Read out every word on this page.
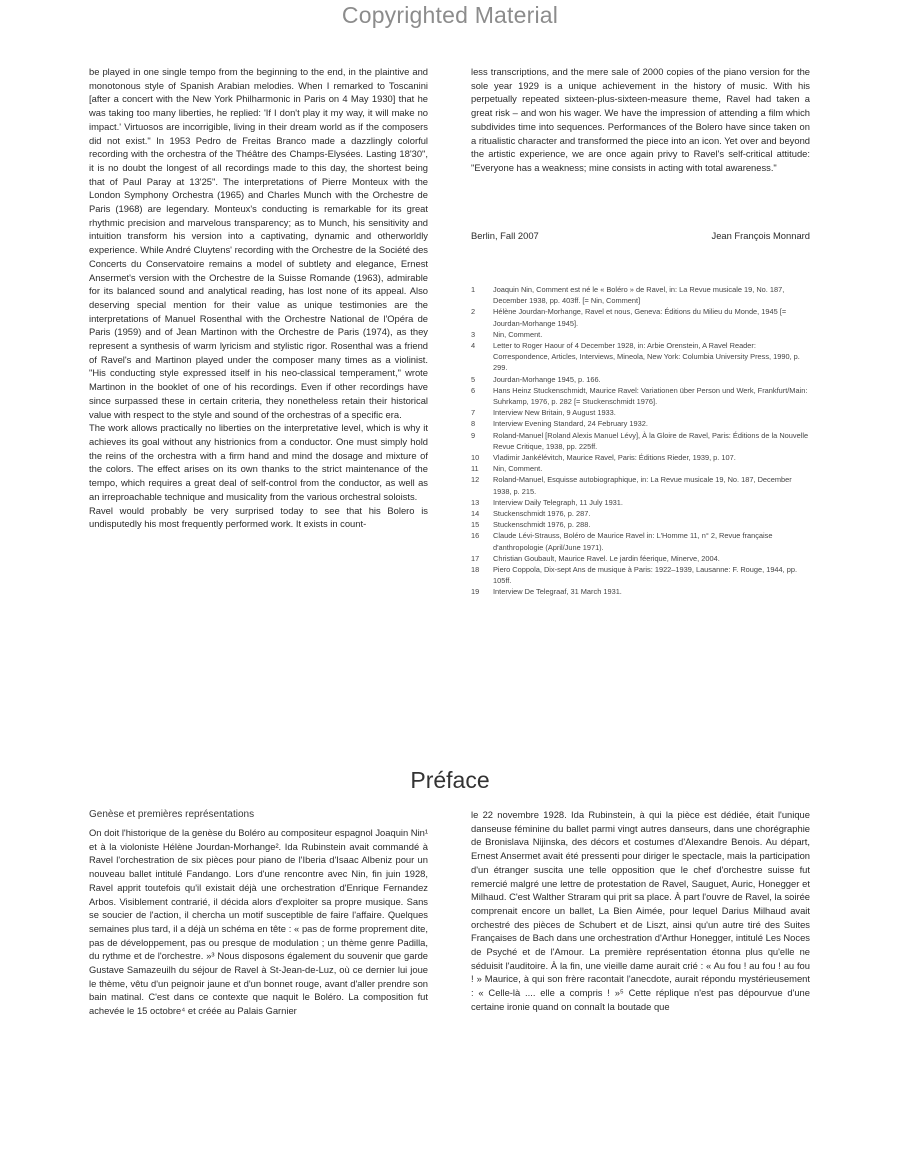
Copyrighted Material

be played in one single tempo from the beginning to the end, in the plaintive and monotonous style of Spanish Arabian melodies. When I remarked to Toscanini [after a concert with the New York Philharmonic in Paris on 4 May 1930] that he was taking too many liberties, he replied: 'If I don't play it my way, it will make no impact.' Virtuosos are incorrigible, living in their dream world as if the composers did not exist." In 1953 Pedro de Freitas Branco made a dazzlingly colorful recording with the orchestra of the Théâtre des Champs-Elysées. Lasting 18'30", it is no doubt the longest of all recordings made to this day, the shortest being that of Paul Paray at 13'25". The interpretations of Pierre Monteux with the London Symphony Orchestra (1965) and Charles Munch with the Orchestre de Paris (1968) are legendary. Monteux's conducting is remarkable for its great rhythmic precision and marvelous transparency; as to Munch, his sensitivity and intuition transform his version into a captivating, dynamic and otherworldly experience. While André Cluytens' recording with the Orchestre de la Société des Concerts du Conservatoire remains a model of subtlety and elegance, Ernest Ansermet's version with the Orchestre de la Suisse Romande (1963), admirable for its balanced sound and analytical reading, has lost none of its appeal. Also deserving special mention for their value as unique testimonies are the interpretations of Manuel Rosenthal with the Orchestre National de l'Opéra de Paris (1959) and of Jean Martinon with the Orchestre de Paris (1974), as they represent a synthesis of warm lyricism and stylistic rigor. Rosenthal was a friend of Ravel's and Martinon played under the composer many times as a violinist. "His conducting style expressed itself in his neo-classical temperament," wrote Martinon in the booklet of one of his recordings. Even if other recordings have since surpassed these in certain criteria, they nonetheless retain their historical value with respect to the style and sound of the orchestras of a specific era.

The work allows practically no liberties on the interpretative level, which is why it achieves its goal without any histrionics from a conductor. One must simply hold the reins of the orchestra with a firm hand and mind the dosage and mixture of the colors. The effect arises on its own thanks to the strict maintenance of the tempo, which requires a great deal of self-control from the conductor, as well as an irreproachable technique and musicality from the various orchestral soloists.

Ravel would probably be very surprised today to see that his Bolero is undisputedly his most frequently performed work. It exists in count-

less transcriptions, and the mere sale of 2000 copies of the piano version for the sole year 1929 is a unique achievement in the history of music. With his perpetually repeated sixteen-plus-sixteen-measure theme, Ravel had taken a great risk – and won his wager. We have the impression of attending a film which subdivides time into sequences. Performances of the Bolero have since taken on a ritualistic character and transformed the piece into an icon. Yet over and beyond the artistic experience, we are once again privy to Ravel's self-critical attitude: "Everyone has a weakness; mine consists in acting with total awareness."

Berlin, Fall 2007	Jean François Monnard
1	Joaquin Nin, Comment est né le « Boléro » de Ravel, in: La Revue musicale 19, No. 187, December 1938, pp. 403ff. [= Nin, Comment]
2	Hélène Jourdan-Morhange, Ravel et nous, Geneva: Éditions du Milieu du Monde, 1945 [= Jourdan-Morhange 1945].
3	Nin, Comment.
4	Letter to Roger Haour of 4 December 1928, in: Arbie Orenstein, A Ravel Reader: Correspondence, Articles, Interviews, Mineola, New York: Columbia University Press, 1990, p. 299.
5	Jourdan-Morhange 1945, p. 166.
6	Hans Heinz Stuckenschmidt, Maurice Ravel: Variationen über Person und Werk, Frankfurt/Main: Suhrkamp, 1976, p. 282 [= Stuckenschmidt 1976].
7	Interview New Britain, 9 August 1933.
8	Interview Evening Standard, 24 February 1932.
9	Roland-Manuel [Roland Alexis Manuel Lévy], À la Gloire de Ravel, Paris: Éditions de la Nouvelle Revue Critique, 1938, pp. 225ff.
10	Vladimir Jankélévitch, Maurice Ravel, Paris: Éditions Rieder, 1939, p. 107.
11	Nin, Comment.
12	Roland-Manuel, Esquisse autobiographique, in: La Revue musicale 19, No. 187, December 1938, p. 215.
13	Interview Daily Telegraph, 11 July 1931.
14	Stuckenschmidt 1976, p. 287.
15	Stuckenschmidt 1976, p. 288.
16	Claude Lévi-Strauss, Boléro de Maurice Ravel in: L'Homme 11, n° 2, Revue française d'anthropologie (April/June 1971).
17	Christian Goubault, Maurice Ravel. Le jardin féerique, Minerve, 2004.
18	Piero Coppola, Dix-sept Ans de musique à Paris: 1922–1939, Lausanne: F. Rouge, 1944, pp. 105ff.
19	Interview De Telegraaf, 31 March 1931.
Préface
Genèse et premières représentations

On doit l'historique de la genèse du Boléro au compositeur espagnol Joaquin Nin¹ et à la violoniste Hélène Jourdan-Morhange². Ida Rubinstein avait commandé à Ravel l'orchestration de six pièces pour piano de l'Iberia d'Isaac Albeniz pour un nouveau ballet intitulé Fandango. Lors d'une rencontre avec Nin, fin juin 1928, Ravel apprit toutefois qu'il existait déjà une orchestration d'Enrique Fernandez Arbos. Visiblement contrarié, il décida alors d'exploiter sa propre musique. Sans se soucier de l'action, il chercha un motif susceptible de faire l'affaire. Quelques semaines plus tard, il a déjà un schéma en tête : « pas de forme proprement dite, pas de développement, pas ou presque de modulation ; un thème genre Padilla, du rythme et de l'orchestre. »³ Nous disposons également du souvenir que garde Gustave Samazeuilh du séjour de Ravel à St-Jean-de-Luz, où ce dernier lui joue le thème, vêtu d'un peignoir jaune et d'un bonnet rouge, avant d'aller prendre son bain matinal. C'est dans ce contexte que naquit le Boléro. La composition fut achevée le 15 octobre⁴ et créée au Palais Garnier

le 22 novembre 1928. Ida Rubinstein, à qui la pièce est dédiée, était l'unique danseuse féminine du ballet parmi vingt autres danseurs, dans une chorégraphie de Bronislava Nijinska, des décors et costumes d'Alexandre Benois. Au départ, Ernest Ansermet avait été pressenti pour diriger le spectacle, mais la participation d'un étranger suscita une telle opposition que le chef d'orchestre suisse fut remercié malgré une lettre de protestation de Ravel, Sauguet, Auric, Honegger et Milhaud. C'est Walther Straram qui prit sa place. À part l'ouvre de Ravel, la soirée comprenait encore un ballet, La Bien Aimée, pour lequel Darius Milhaud avait orchestré des pièces de Schubert et de Liszt, ainsi qu'un autre tiré des Suites Françaises de Bach dans une orchestration d'Arthur Honegger, intitulé Les Noces de Psyché et de l'Amour. La première représentation étonna plus qu'elle ne séduisit l'auditoire. À la fin, une vieille dame aurait crié : « Au fou ! au fou ! au fou ! » Maurice, à qui son frère racontait l'anecdote, aurait répondu mystérieusement : « Celle-là .... elle a compris ! »⁵ Cette réplique n'est pas dépourvue d'une certaine ironie quand on connaît la boutade que
